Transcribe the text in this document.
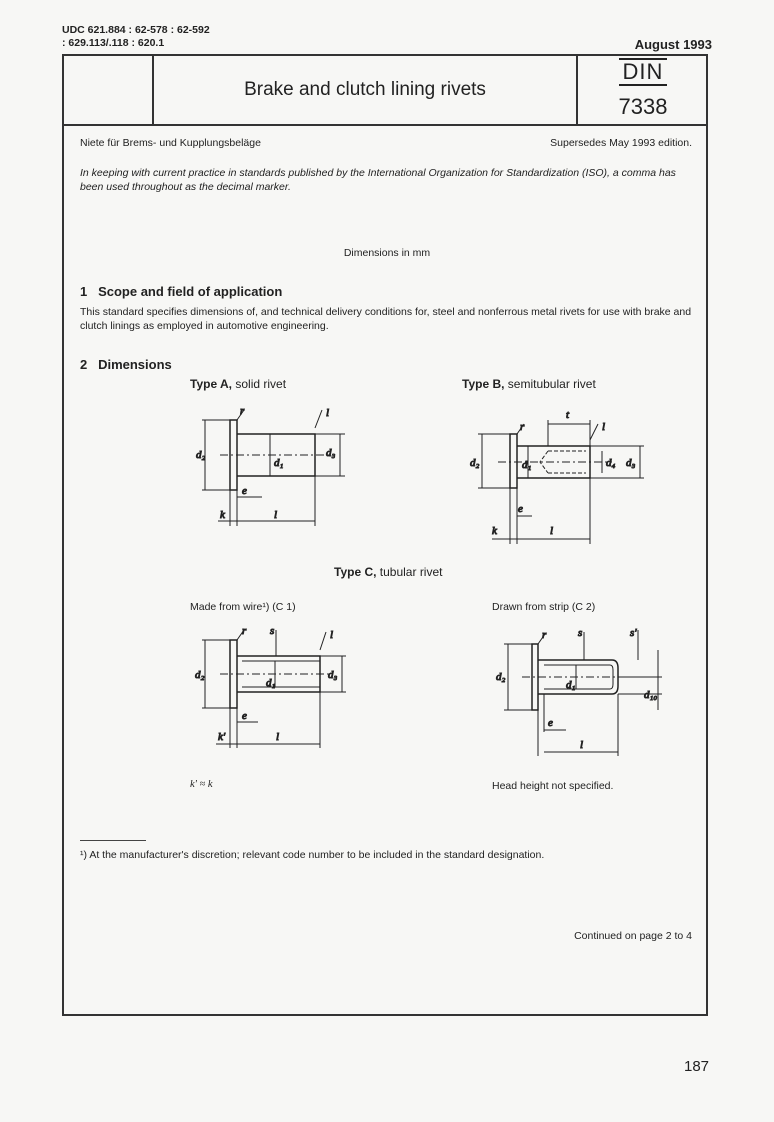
UDC 621.884 : 62-578 : 62-592
: 629.113/.118 : 620.1	August 1993
Brake and clutch lining rivets
DIN
7338
Niete für Brems- und Kupplungsbeläge	Supersedes May 1993 edition.
In keeping with current practice in standards published by the International Organization for Standardization (ISO), a comma has been used throughout as the decimal marker.
Dimensions in mm
1 Scope and field of application
This standard specifies dimensions of, and technical delivery conditions for, steel and nonferrous metal rivets for use with brake and clutch linings as employed in automotive engineering.
2 Dimensions
Type A, solid rivet	Type B, semitubular rivet
Type C, tubular rivet
Made from wire¹) (C 1)	Drawn from strip (C 2)
k' ≈ k	Head height not specified.
d₂
d₁
d₃
r	l
e
k	l
d₂	d₁	d₄ d₃
t
r	l
e
k	l
d₂
d₁
d₃
r s	l
e
k'	l
d₂
d₁
d₁₀
r	s	s'
e
l
¹) At the manufacturer's discretion; relevant code number to be included in the standard designation.
Continued on page 2 to 4
187
